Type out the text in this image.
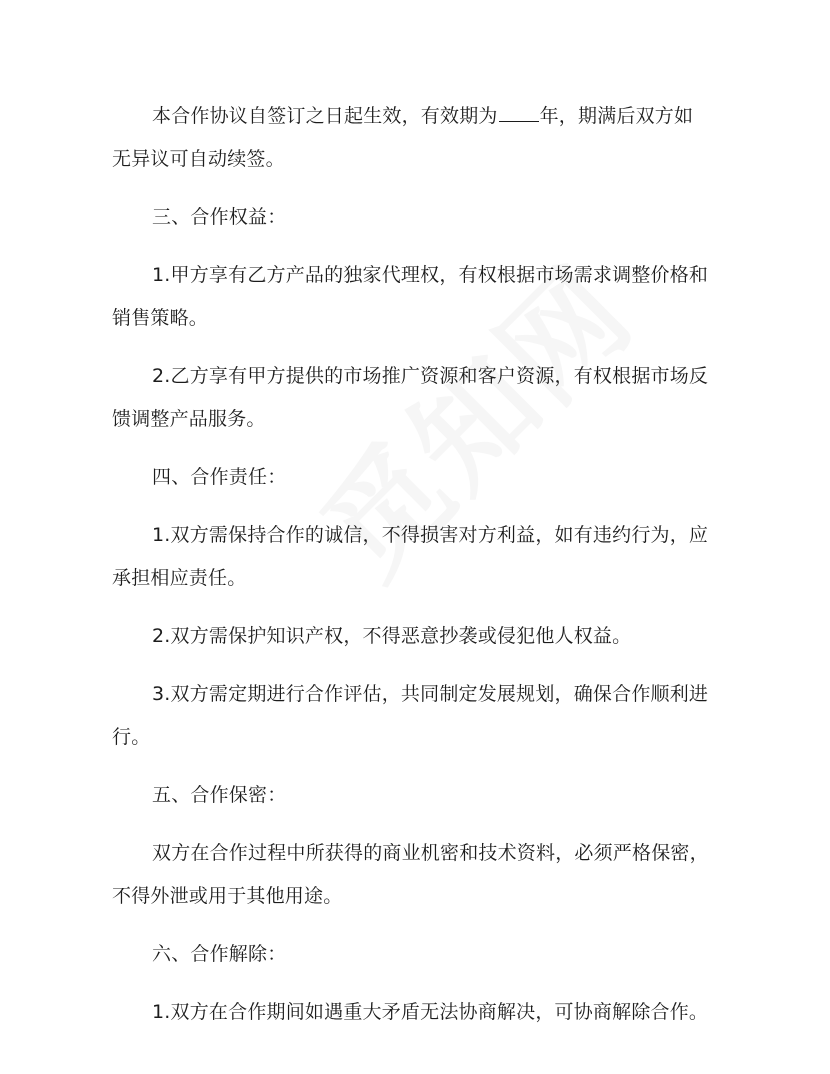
本合作协议自签订之日起生效，有效期为 年，期满后双方如无异议可自动续签。

三、合作权益：

1.甲方享有乙方产品的独家代理权，有权根据市场需求调整价格和销售策略。

2.乙方享有甲方提供的市场推广资源和客户资源，有权根据市场反馈调整产品服务。

四、合作责任：

1.双方需保持合作的诚信，不得损害对方利益，如有违约行为，应承担相应责任。

2.双方需保护知识产权，不得恶意抄袭或侵犯他人权益。

3.双方需定期进行合作评估，共同制定发展规划，确保合作顺利进行。

五、合作保密：

双方在合作过程中所获得的商业机密和技术资料，必须严格保密，不得外泄或用于其他用途。

六、合作解除：

1.双方在合作期间如遇重大矛盾无法协商解决，可协商解除合作。
